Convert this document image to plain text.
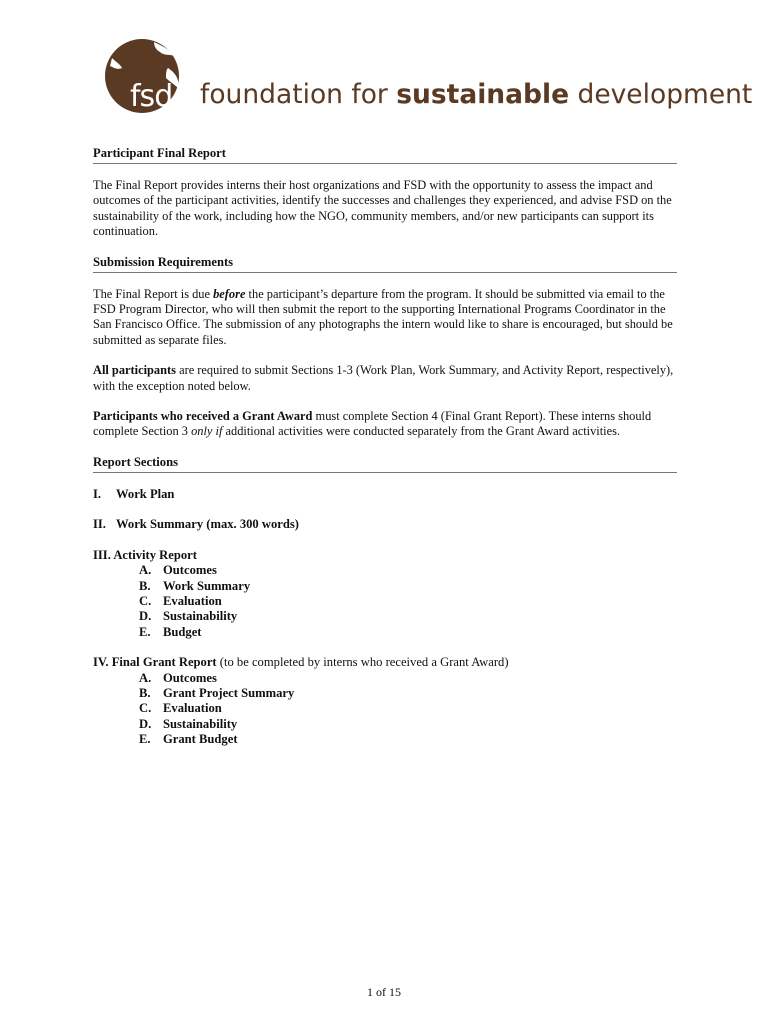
fsd foundation for sustainable development
Participant Final Report

The Final Report provides interns their host organizations and FSD with the opportunity to assess the impact and outcomes of the participant activities, identify the successes and challenges they experienced, and advise FSD on the sustainability of the work, including how the NGO, community members, and/or new participants can support its continuation.

Submission Requirements

The Final Report is due before the participant’s departure from the program. It should be submitted via email to the FSD Program Director, who will then submit the report to the supporting International Programs Coordinator in the San Francisco Office. The submission of any photographs the intern would like to share is encouraged, but should be submitted as separate files.

All participants are required to submit Sections 1-3 (Work Plan, Work Summary, and Activity Report, respectively), with the exception noted below.

Participants who received a Grant Award must complete Section 4 (Final Grant Report). These interns should complete Section 3 only if additional activities were conducted separately from the Grant Award activities.

Report Sections
I. Work Plan
II. Work Summary (max. 300 words)
III. Activity Report
A. Outcomes
B. Work Summary
C. Evaluation
D. Sustainability
E. Budget
IV. Final Grant Report (to be completed by interns who received a Grant Award)
A. Outcomes
B. Grant Project Summary
C. Evaluation
D. Sustainability
E. Grant Budget
1 of 15
